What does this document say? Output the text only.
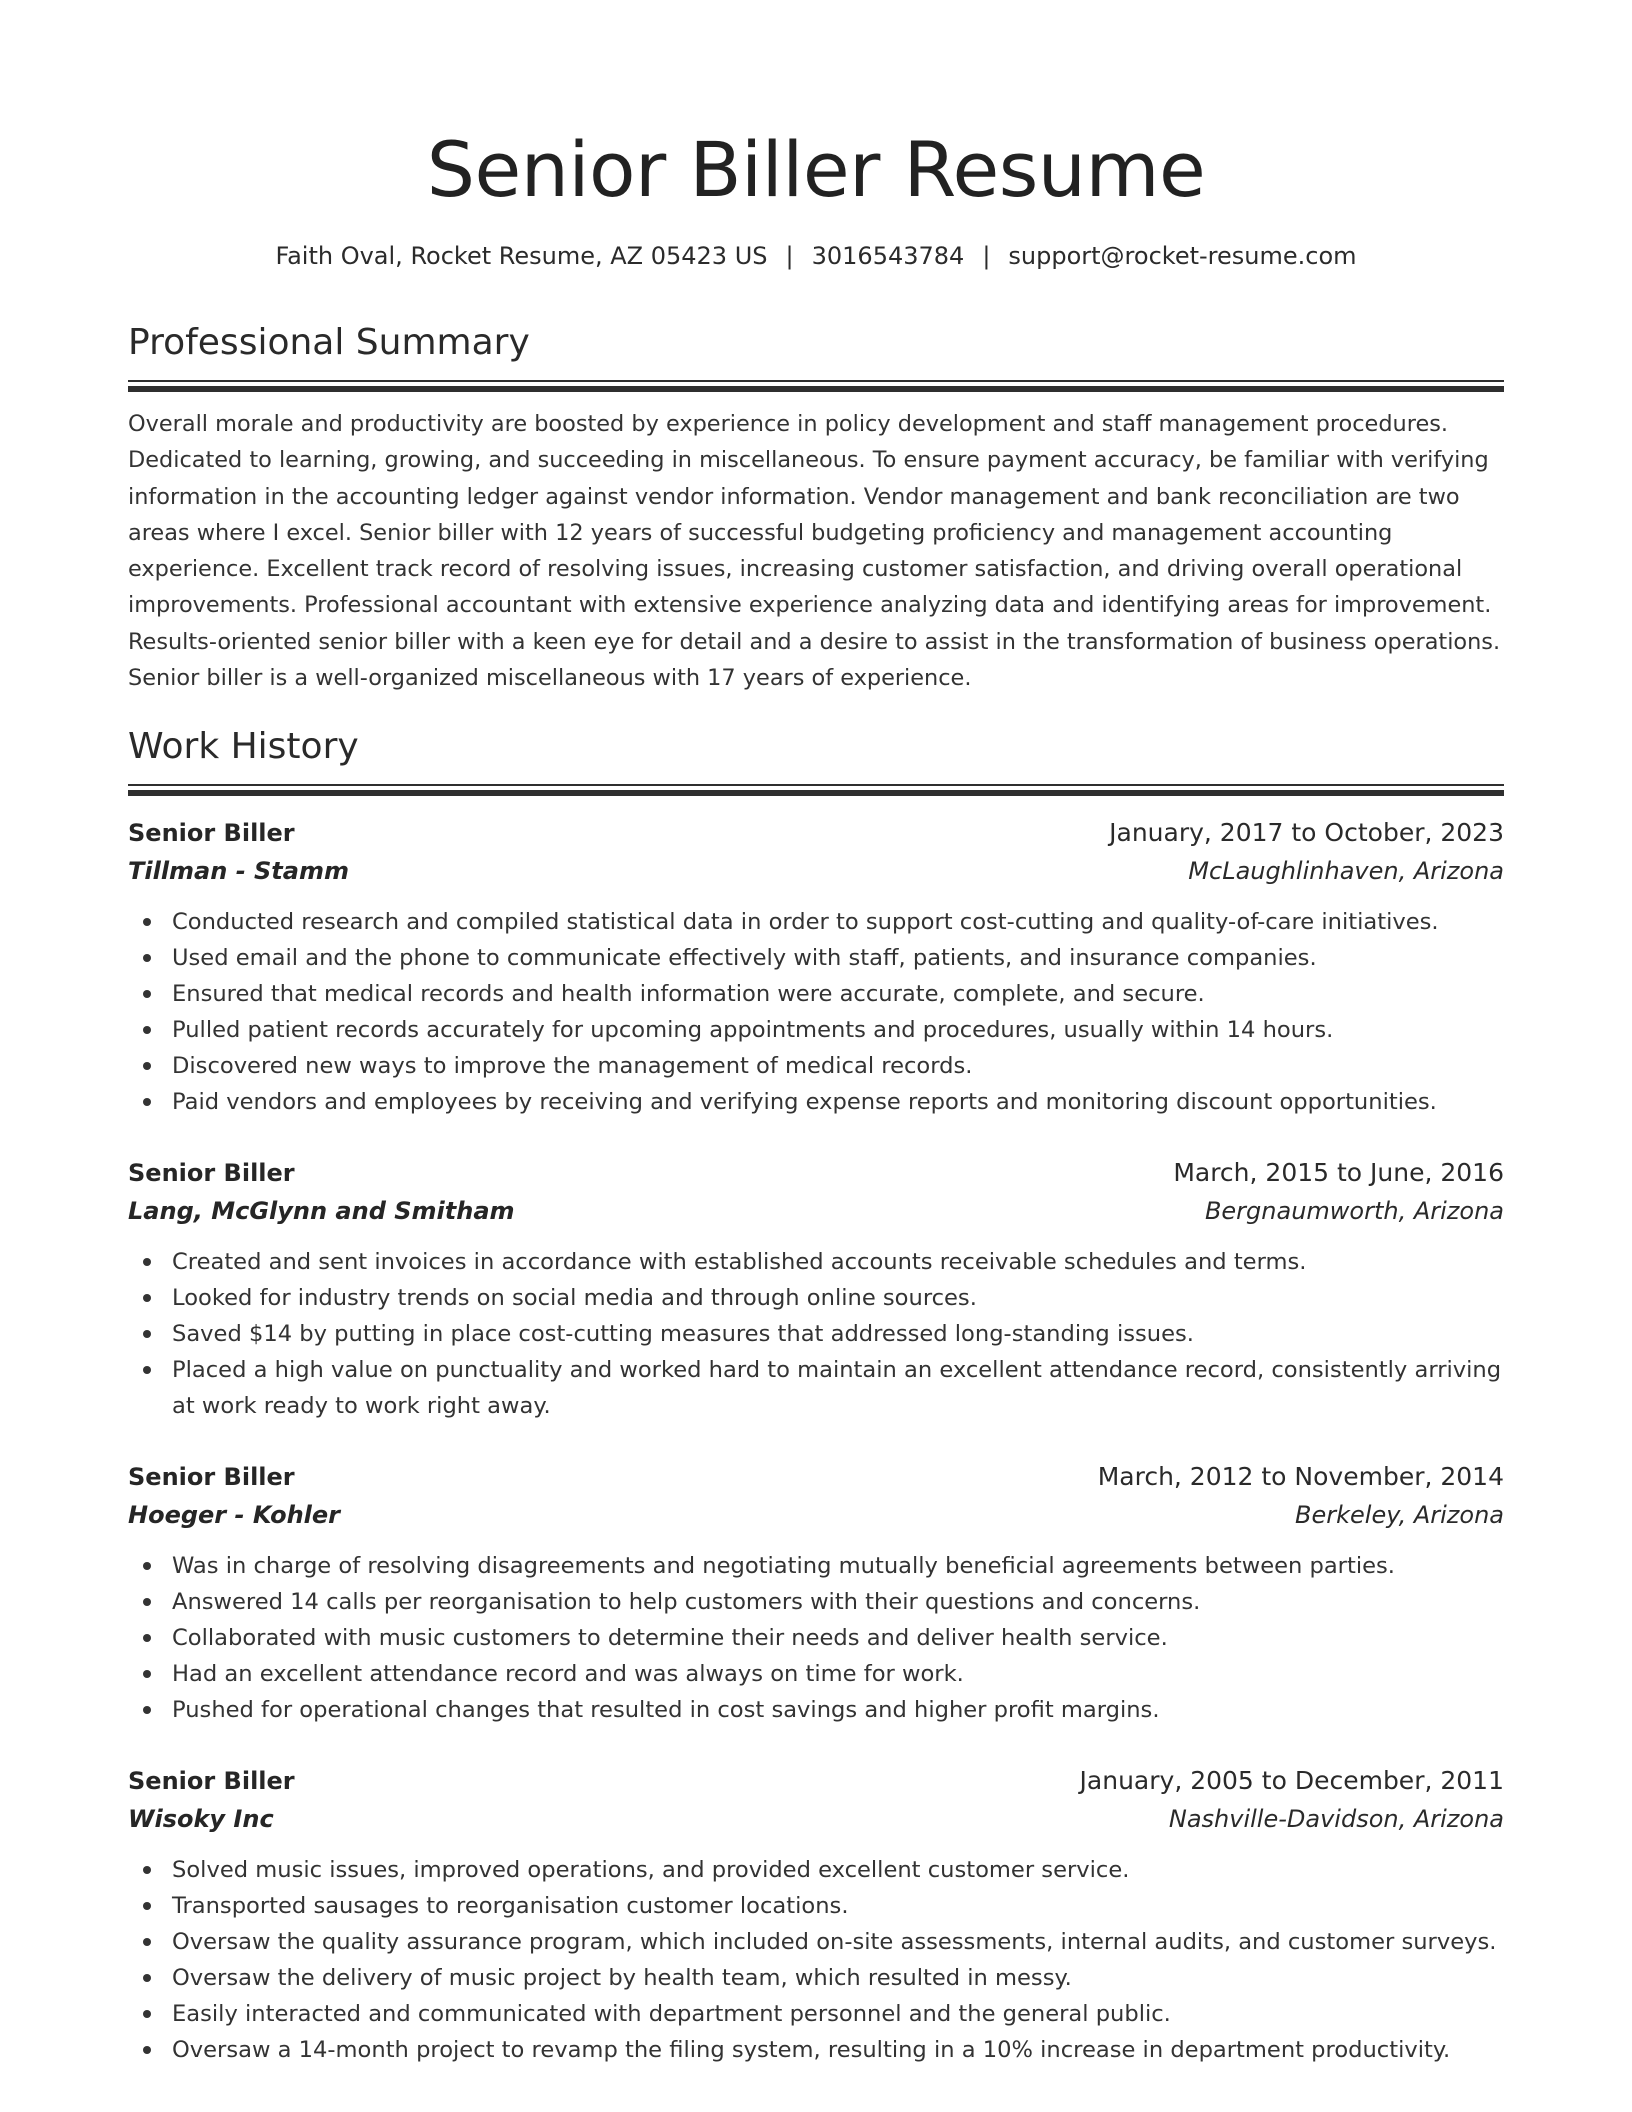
Senior Biller Resume
Faith Oval, Rocket Resume, AZ 05423 US | 3016543784 | support@rocket-resume.com
Professional Summary

Overall morale and productivity are boosted by experience in policy development and staff management procedures. Dedicated to learning, growing, and succeeding in miscellaneous. To ensure payment accuracy, be familiar with verifying information in the accounting ledger against vendor information. Vendor management and bank reconciliation are two areas where I excel. Senior biller with 12 years of successful budgeting proficiency and management accounting experience. Excellent track record of resolving issues, increasing customer satisfaction, and driving overall operational improvements. Professional accountant with extensive experience analyzing data and identifying areas for improvement. Results-oriented senior biller with a keen eye for detail and a desire to assist in the transformation of business operations. Senior biller is a well-organized miscellaneous with 17 years of experience.

Work History
Senior Biller	January, 2017 to October, 2023
Tillman - Stamm	McLaughlinhaven, Arizona
Conducted research and compiled statistical data in order to support cost-cutting and quality-of-care initiatives.
Used email and the phone to communicate effectively with staff, patients, and insurance companies.
Ensured that medical records and health information were accurate, complete, and secure.
Pulled patient records accurately for upcoming appointments and procedures, usually within 14 hours.
Discovered new ways to improve the management of medical records.
Paid vendors and employees by receiving and verifying expense reports and monitoring discount opportunities.
Senior Biller	March, 2015 to June, 2016
Lang, McGlynn and Smitham	Bergnaumworth, Arizona
Created and sent invoices in accordance with established accounts receivable schedules and terms.
Looked for industry trends on social media and through online sources.
Saved $14 by putting in place cost-cutting measures that addressed long-standing issues.
Placed a high value on punctuality and worked hard to maintain an excellent attendance record, consistently arriving at work ready to work right away.
Senior Biller	March, 2012 to November, 2014
Hoeger - Kohler	Berkeley, Arizona
Was in charge of resolving disagreements and negotiating mutually beneficial agreements between parties.
Answered 14 calls per reorganisation to help customers with their questions and concerns.
Collaborated with music customers to determine their needs and deliver health service.
Had an excellent attendance record and was always on time for work.
Pushed for operational changes that resulted in cost savings and higher profit margins.
Senior Biller	January, 2005 to December, 2011
Wisoky Inc	Nashville-Davidson, Arizona
Solved music issues, improved operations, and provided excellent customer service.
Transported sausages to reorganisation customer locations.
Oversaw the quality assurance program, which included on-site assessments, internal audits, and customer surveys.
Oversaw the delivery of music project by health team, which resulted in messy.
Easily interacted and communicated with department personnel and the general public.
Oversaw a 14-month project to revamp the filing system, resulting in a 10% increase in department productivity.
